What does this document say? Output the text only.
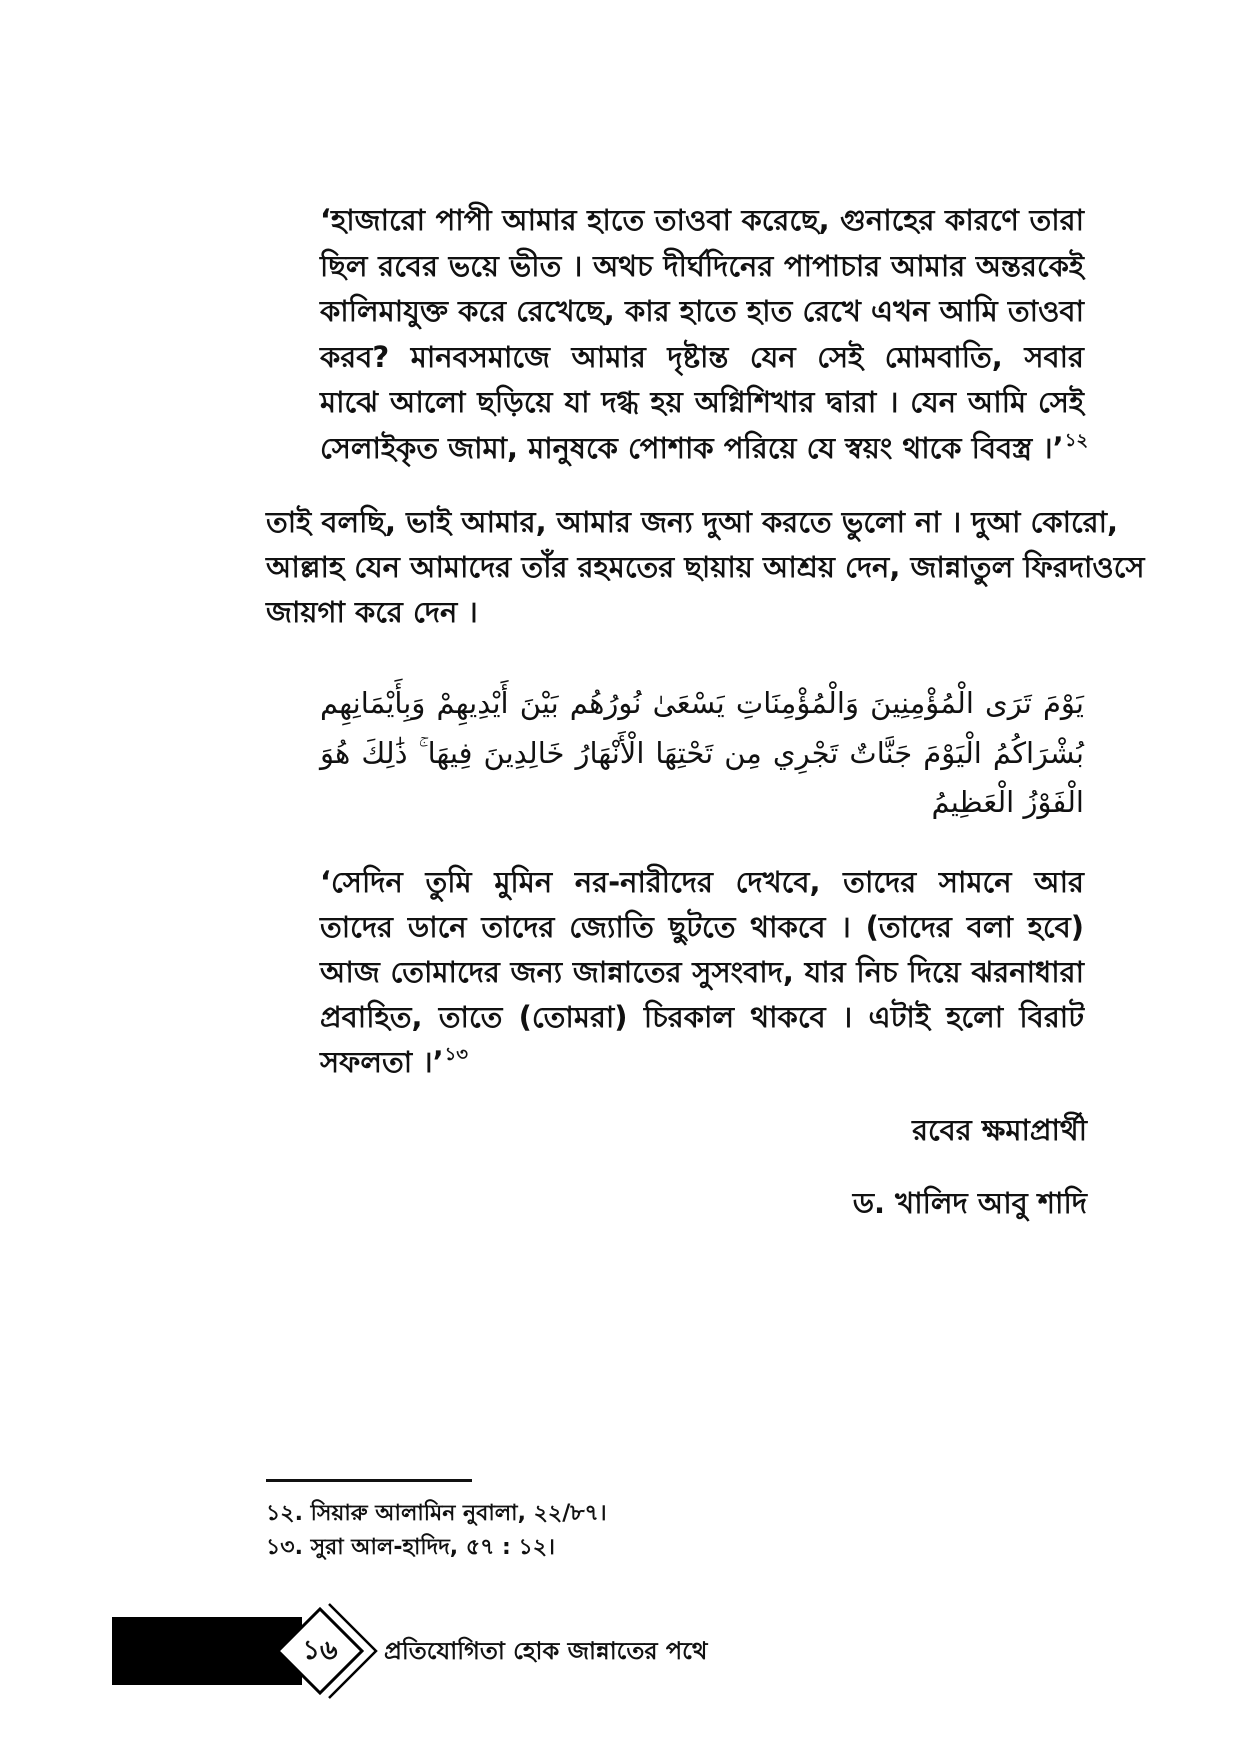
‘হাজারো পাপী আমার হাতে তাওবা করেছে, গুনাহের কারণে তারা
ছিল রবের ভয়ে ভীত । অথচ দীর্ঘদিনের পাপাচার আমার অন্তরকেই
কালিমাযুক্ত করে রেখেছে, কার হাতে হাত রেখে এখন আমি তাওবা
করব? মানবসমাজে আমার দৃষ্টান্ত যেন সেই মোমবাতি, সবার
মাঝে আলো ছড়িয়ে যা দগ্ধ হয় অগ্নিশিখার দ্বারা । যেন আমি সেই
সেলাইকৃত জামা, মানুষকে পোশাক পরিয়ে যে স্বয়ং থাকে বিবস্ত্র ।’$^{১২}$
তাই বলছি, ভাই আমার, আমার জন্য দুআ করতে ভুলো না । দুআ কোরো,
আল্লাহ যেন আমাদের তাঁর রহমতের ছায়ায় আশ্রয় দেন, জান্নাতুল ফিরদাওসে
জায়গা করে দেন ।
يَوْمَ تَرَى الْمُؤْمِنِينَ وَالْمُؤْمِنَاتِ يَسْعَىٰ نُورُهُم بَيْنَ أَيْدِيهِمْ وَبِأَيْمَانِهِم
بُشْرَاكُمُ الْيَوْمَ جَنَّاتٌ تَجْرِي مِن تَحْتِهَا الْأَنْهَارُ خَالِدِينَ فِيهَا ۚ ذَٰلِكَ هُوَ
الْفَوْزُ الْعَظِيمُ
‘সেদিন তুমি মুমিন নর-নারীদের দেখবে, তাদের সামনে আর
তাদের ডানে তাদের জ্যোতি ছুটতে থাকবে । (তাদের বলা হবে)
আজ তোমাদের জন্য জান্নাতের সুসংবাদ, যার নিচ দিয়ে ঝরনাধারা
প্রবাহিত, তাতে (তোমরা) চিরকাল থাকবে । এটাই হলো বিরাট
সফলতা ।’$^{১৩}$
রবের ক্ষমাপ্রার্থী
ড. খালিদ আবু শাদি
১২. সিয়ারু আলামিন নুবালা, ২২/৮৭।
১৩. সুরা আল-হাদিদ, ৫৭ : ১২।
১৬	প্রতিযোগিতা হোক জান্নাতের পথে
